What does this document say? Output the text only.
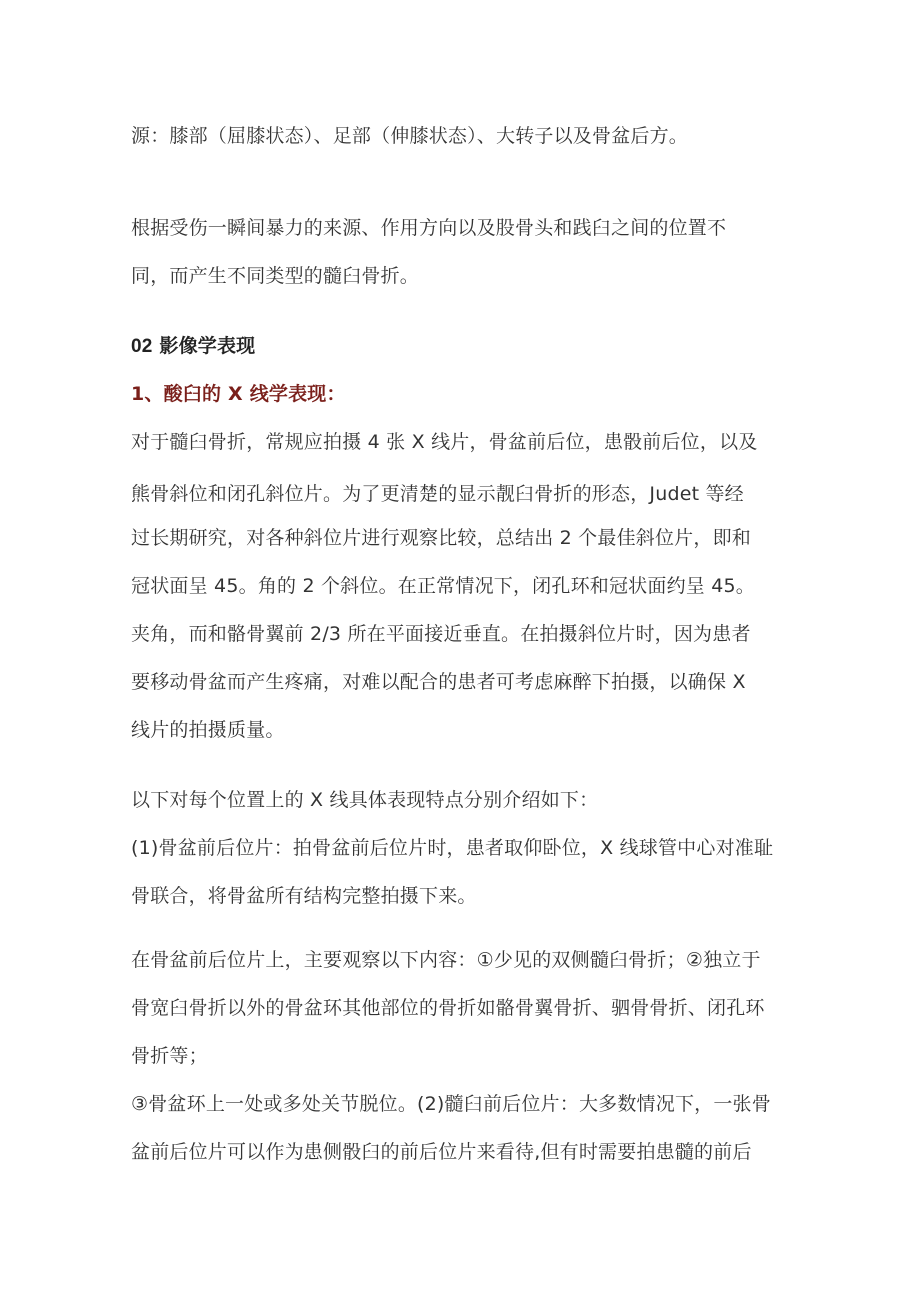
源：膝部（屈膝状态）、足部（伸膝状态）、大转子以及骨盆后方。
根据受伤一瞬间暴力的来源、作用方向以及股骨头和践臼之间的位置不
同，而产生不同类型的髓臼骨折。
02 影像学表现
1、酸臼的 X 线学表现：
对于髓臼骨折，常规应拍摄 4 张 X 线片，骨盆前后位，患骰前后位，以及
熊骨斜位和闭孔斜位片。为了更清楚的显示靓臼骨折的形态，Judet 等经
过长期研究，对各种斜位片进行观察比较，总结出 2 个最佳斜位片，即和
冠状面呈 45。角的 2 个斜位。在正常情况下，闭孔环和冠状面约呈 45。
夹角，而和骼骨翼前 2/3 所在平面接近垂直。在拍摄斜位片时，因为患者
要移动骨盆而产生疼痛，对难以配合的患者可考虑麻醉下拍摄，以确保 X
线片的拍摄质量。
以下对每个位置上的 X 线具体表现特点分别介绍如下：
(1)骨盆前后位片：拍骨盆前后位片时，患者取仰卧位，X 线球管中心对准耻
骨联合，将骨盆所有结构完整拍摄下来。
在骨盆前后位片上，主要观察以下内容：①少见的双侧髓臼骨折；②独立于
骨宽臼骨折以外的骨盆环其他部位的骨折如骼骨翼骨折、驷骨骨折、闭孔环
骨折等；
③骨盆环上一处或多处关节脱位。(2)髓臼前后位片：大多数情况下，一张骨
盆前后位片可以作为患侧骰臼的前后位片来看待,但有时需要拍患髓的前后
